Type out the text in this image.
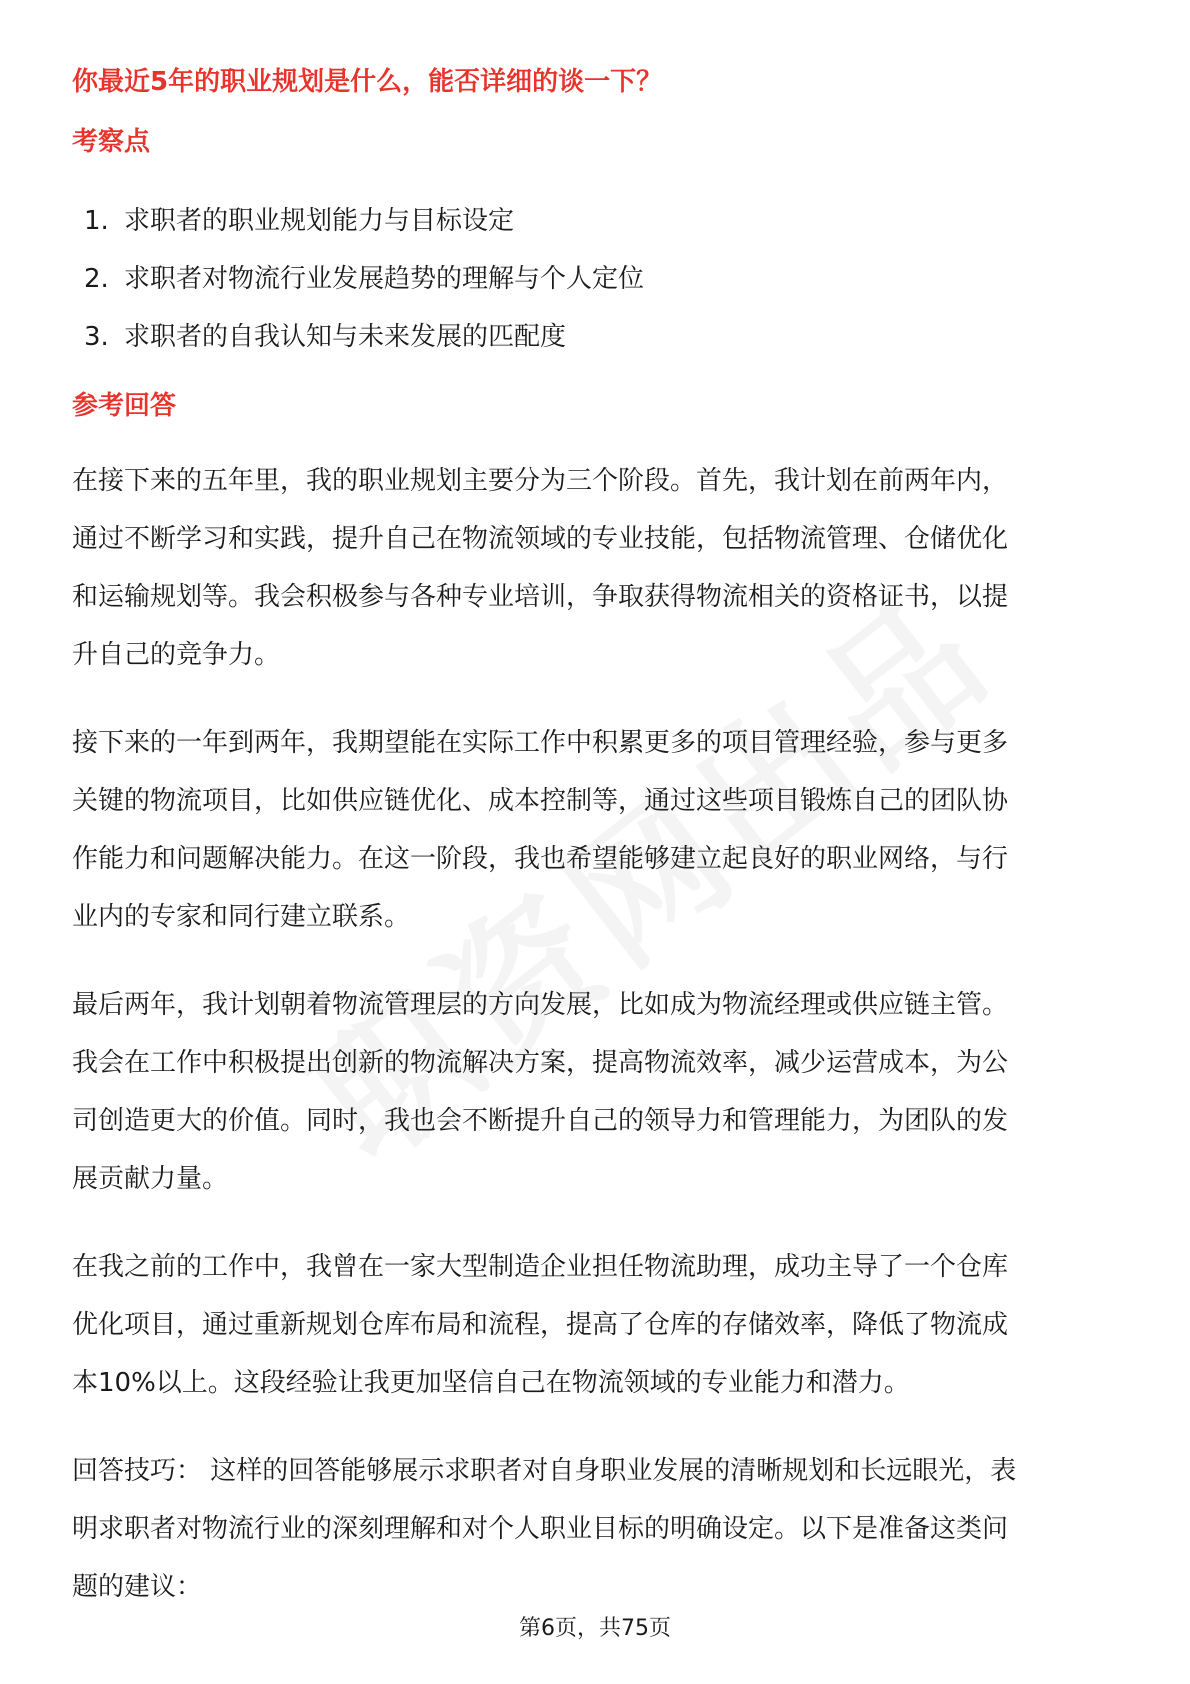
你最近5年的职业规划是什么，能否详细的谈一下？
考察点
1. 求职者的职业规划能力与目标设定
2. 求职者对物流行业发展趋势的理解与个人定位
3. 求职者的自我认知与未来发展的匹配度
参考回答

在接下来的五年里，我的职业规划主要分为三个阶段。首先，我计划在前两年内，
通过不断学习和实践，提升自己在物流领域的专业技能，包括物流管理、仓储优化
和运输规划等。我会积极参与各种专业培训，争取获得物流相关的资格证书，以提
升自己的竞争力。

接下来的一年到两年，我期望能在实际工作中积累更多的项目管理经验，参与更多
关键的物流项目，比如供应链优化、成本控制等，通过这些项目锻炼自己的团队协
作能力和问题解决能力。在这一阶段，我也希望能够建立起良好的职业网络，与行
业内的专家和同行建立联系。

最后两年，我计划朝着物流管理层的方向发展，比如成为物流经理或供应链主管。
我会在工作中积极提出创新的物流解决方案，提高物流效率，减少运营成本，为公
司创造更大的价值。同时，我也会不断提升自己的领导力和管理能力，为团队的发
展贡献力量。

在我之前的工作中，我曾在一家大型制造企业担任物流助理，成功主导了一个仓库
优化项目，通过重新规划仓库布局和流程，提高了仓库的存储效率，降低了物流成
本10%以上。这段经验让我更加坚信自己在物流领域的专业能力和潜力。

回答技巧： 这样的回答能够展示求职者对自身职业发展的清晰规划和长远眼光，表
明求职者对物流行业的深刻理解和对个人职业目标的明确设定。以下是准备这类问
题的建议：

第6页，共75页
